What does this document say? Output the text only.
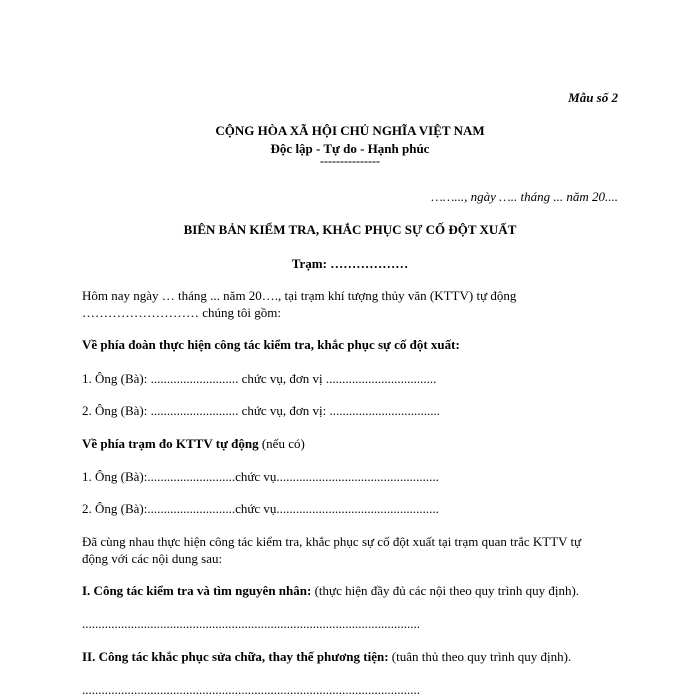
Mẫu số 2
CỘNG HÒA XÃ HỘI CHỦ NGHĨA VIỆT NAM
Độc lập - Tự do - Hạnh phúc
---------------
……..., ngày ….. tháng ... năm 20....
BIÊN BẢN KIỂM TRA, KHẮC PHỤC SỰ CỐ ĐỘT XUẤT
Trạm: ………………
Hôm nay ngày … tháng ... năm 20…., tại trạm khí tượng thủy văn (KTTV) tự động
……………………… chúng tôi gồm:
Về phía đoàn thực hiện công tác kiểm tra, khắc phục sự cố đột xuất:
1. Ông (Bà): ........................... chức vụ, đơn vị ..................................
2. Ông (Bà): ........................... chức vụ, đơn vị: ..................................
Về phía trạm đo KTTV tự động (nếu có)
1. Ông (Bà):...........................chức vụ..................................................
2. Ông (Bà):...........................chức vụ..................................................
Đã cùng nhau thực hiện công tác kiểm tra, khắc phục sự cố đột xuất tại trạm quan trắc KTTV tự
động với các nội dung sau:
I. Công tác kiểm tra và tìm nguyên nhân: (thực hiện đầy đủ các nội theo quy trình quy định).
........................................................................................................
II. Công tác khắc phục sửa chữa, thay thế phương tiện: (tuân thủ theo quy trình quy định).
........................................................................................................
